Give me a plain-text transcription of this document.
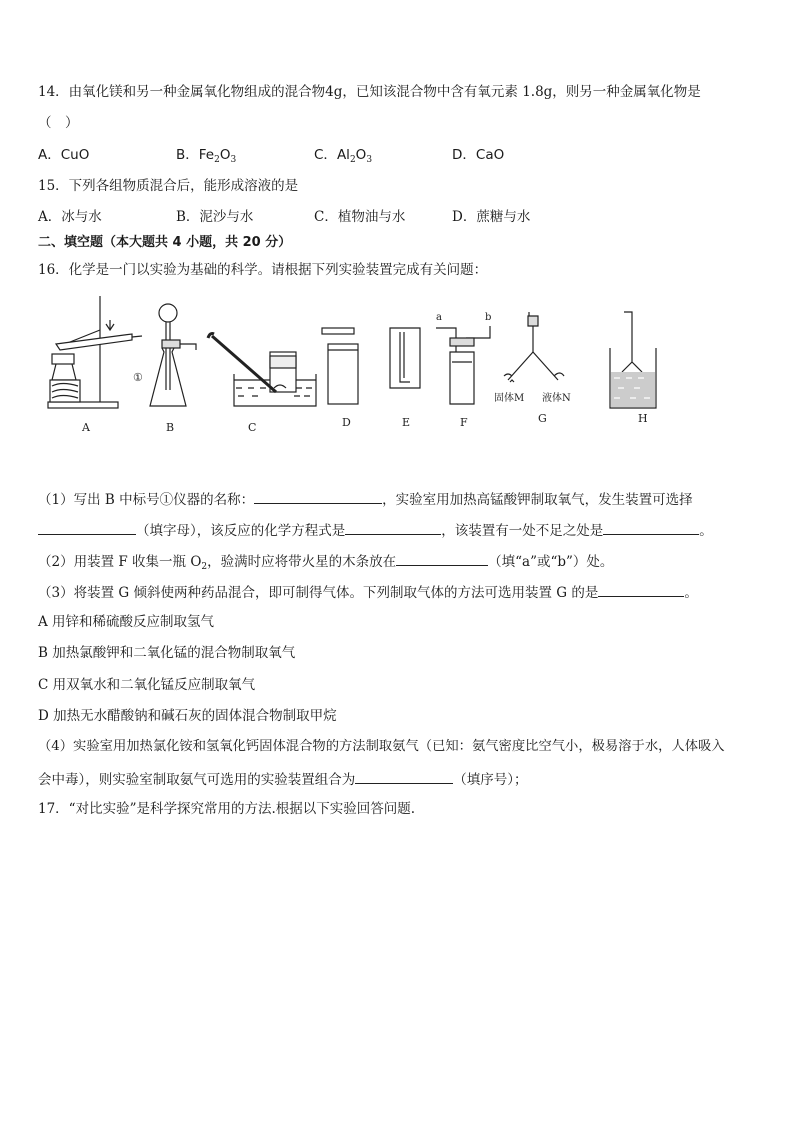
14．由氧化镁和另一种金属氧化物组成的混合物4g，已知该混合物中含有氧元素 1.8g，则另一种金属氧化物是
（　）
A．CuO	B．$Fe_2O_3$	C．$Al_2O_3$	D．CaO
15．下列各组物质混合后，能形成溶液的是
A．冰与水	B．泥沙与水	C．植物油与水	D．蔗糖与水
二、填空题（本大题共 4 小题，共 20 分）
16．化学是一门以实验为基础的科学。请根据下列实验装置完成有关问题：
A
①
B	C	D	E
a	b
F
固体M 液体N
G	H
（1）写出 B 中标号①仪器的名称：	，实验室用加热高锰酸钾制取氧气，发生装置可选择
（填字母），该反应的化学方程式是	，该装置有一处不足之处是	。
（2）用装置 F 收集一瓶 $O_2$，验满时应将带火星的木条放在	（填“a”或“b”）处。
（3）将装置 G 倾斜使两种药品混合，即可制得气体。下列制取气体的方法可选用装置 G 的是	。
A 用锌和稀硫酸反应制取氢气
B 加热氯酸钾和二氧化锰的混合物制取氧气
C 用双氧水和二氧化锰反应制取氧气
D 加热无水醋酸钠和碱石灰的固体混合物制取甲烷
（4）实验室用加热氯化铵和氢氧化钙固体混合物的方法制取氨气（已知：氨气密度比空气小，极易溶于水，人体吸入
会中毒），则实验室制取氨气可选用的实验装置组合为	（填序号）；
17．“对比实验”是科学探究常用的方法.根据以下实验回答问题.
